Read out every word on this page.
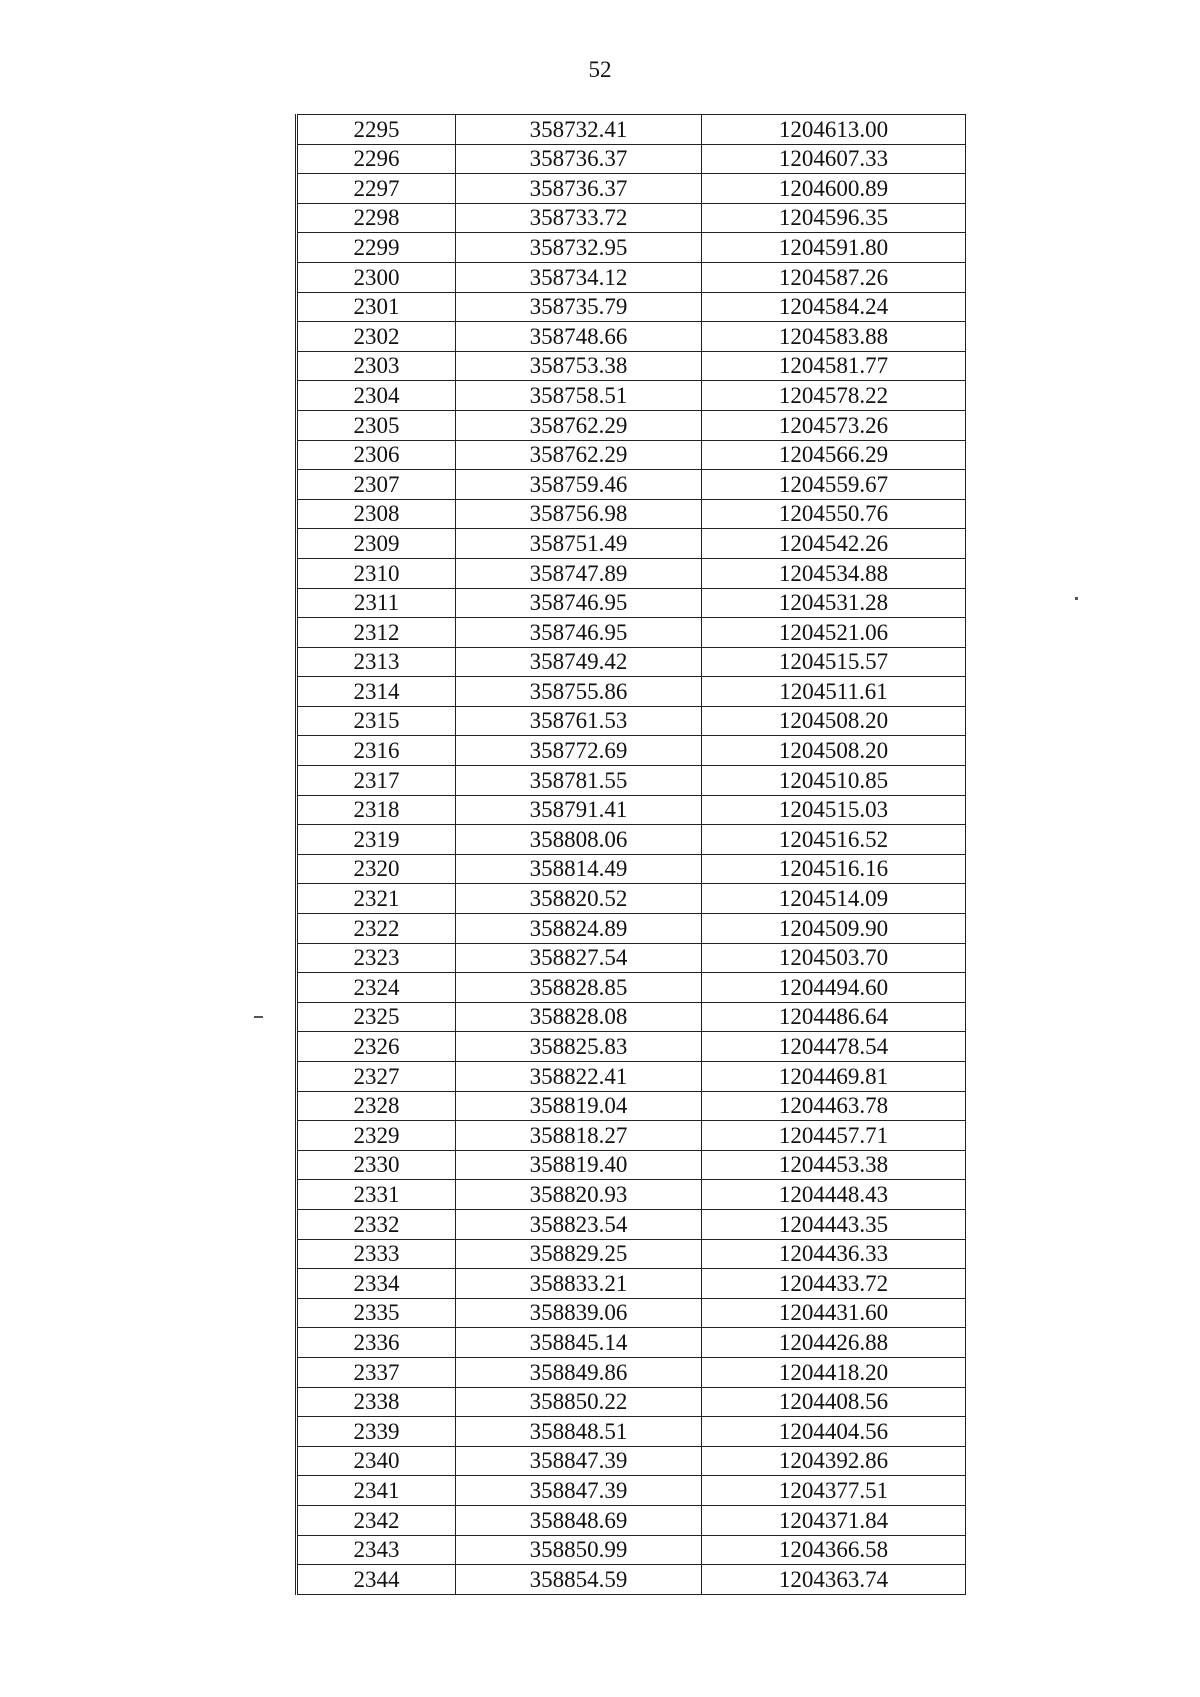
52
2295	358732.41	1204613.00
2296	358736.37	1204607.33
2297	358736.37	1204600.89
2298	358733.72	1204596.35
2299	358732.95	1204591.80
2300	358734.12	1204587.26
2301	358735.79	1204584.24
2302	358748.66	1204583.88
2303	358753.38	1204581.77
2304	358758.51	1204578.22
2305	358762.29	1204573.26
2306	358762.29	1204566.29
2307	358759.46	1204559.67
2308	358756.98	1204550.76
2309	358751.49	1204542.26
2310	358747.89	1204534.88
2311	358746.95	1204531.28
2312	358746.95	1204521.06
2313	358749.42	1204515.57
2314	358755.86	1204511.61
2315	358761.53	1204508.20
2316	358772.69	1204508.20
2317	358781.55	1204510.85
2318	358791.41	1204515.03
2319	358808.06	1204516.52
2320	358814.49	1204516.16
2321	358820.52	1204514.09
2322	358824.89	1204509.90
2323	358827.54	1204503.70
2324	358828.85	1204494.60
2325	358828.08	1204486.64
2326	358825.83	1204478.54
2327	358822.41	1204469.81
2328	358819.04	1204463.78
2329	358818.27	1204457.71
2330	358819.40	1204453.38
2331	358820.93	1204448.43
2332	358823.54	1204443.35
2333	358829.25	1204436.33
2334	358833.21	1204433.72
2335	358839.06	1204431.60
2336	358845.14	1204426.88
2337	358849.86	1204418.20
2338	358850.22	1204408.56
2339	358848.51	1204404.56
2340	358847.39	1204392.86
2341	358847.39	1204377.51
2342	358848.69	1204371.84
2343	358850.99	1204366.58
2344	358854.59	1204363.74
